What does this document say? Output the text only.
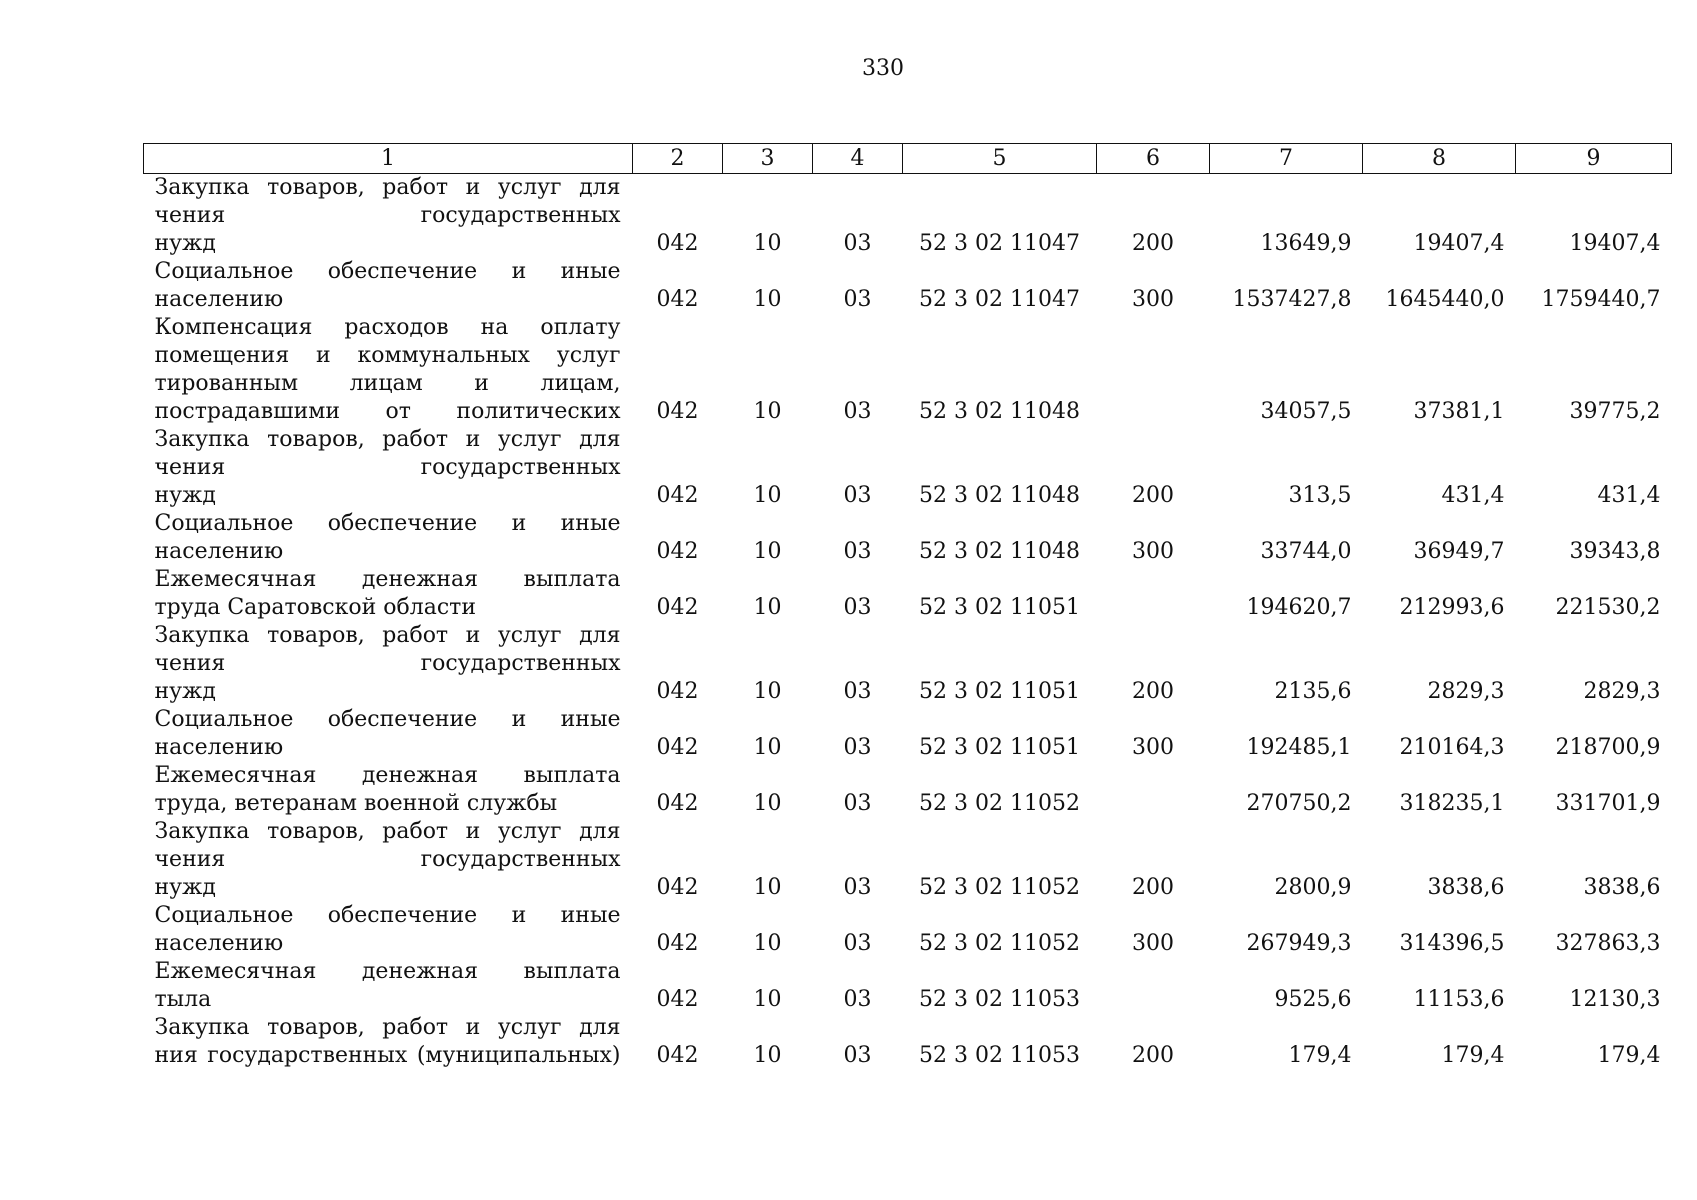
330
1	2	3	4	5	6	7	8	9

Закупка товаров, работ и услуг для
чения государственных
нужд	042	10	03	52 3 02 11047	200	13649,9	19407,4	19407,4

Социальное обеспечение и иные
населению	042	10	03	52 3 02 11047	300	1537427,8	1645440,0	1759440,7

Компенсация расходов на оплату
помещения и коммунальных услуг
тированным лицам и лицам,
пострадавшими от политических	042	10	03	52 3 02 11048		34057,5	37381,1	39775,2

Закупка товаров, работ и услуг для
чения государственных
нужд	042	10	03	52 3 02 11048	200	313,5	431,4	431,4

Социальное обеспечение и иные
населению	042	10	03	52 3 02 11048	300	33744,0	36949,7	39343,8

Ежемесячная денежная выплата
труда Саратовской области	042	10	03	52 3 02 11051		194620,7	212993,6	221530,2

Закупка товаров, работ и услуг для
чения государственных
нужд	042	10	03	52 3 02 11051	200	2135,6	2829,3	2829,3

Социальное обеспечение и иные
населению	042	10	03	52 3 02 11051	300	192485,1	210164,3	218700,9

Ежемесячная денежная выплата
труда, ветеранам военной службы	042	10	03	52 3 02 11052		270750,2	318235,1	331701,9

Закупка товаров, работ и услуг для
чения государственных
нужд	042	10	03	52 3 02 11052	200	2800,9	3838,6	3838,6

Социальное обеспечение и иные
населению	042	10	03	52 3 02 11052	300	267949,3	314396,5	327863,3

Ежемесячная денежная выплата
тыла	042	10	03	52 3 02 11053		9525,6	11153,6	12130,3

Закупка товаров, работ и услуг для
ния государственных (муниципальных)	042	10	03	52 3 02 11053	200	179,4	179,4	179,4
